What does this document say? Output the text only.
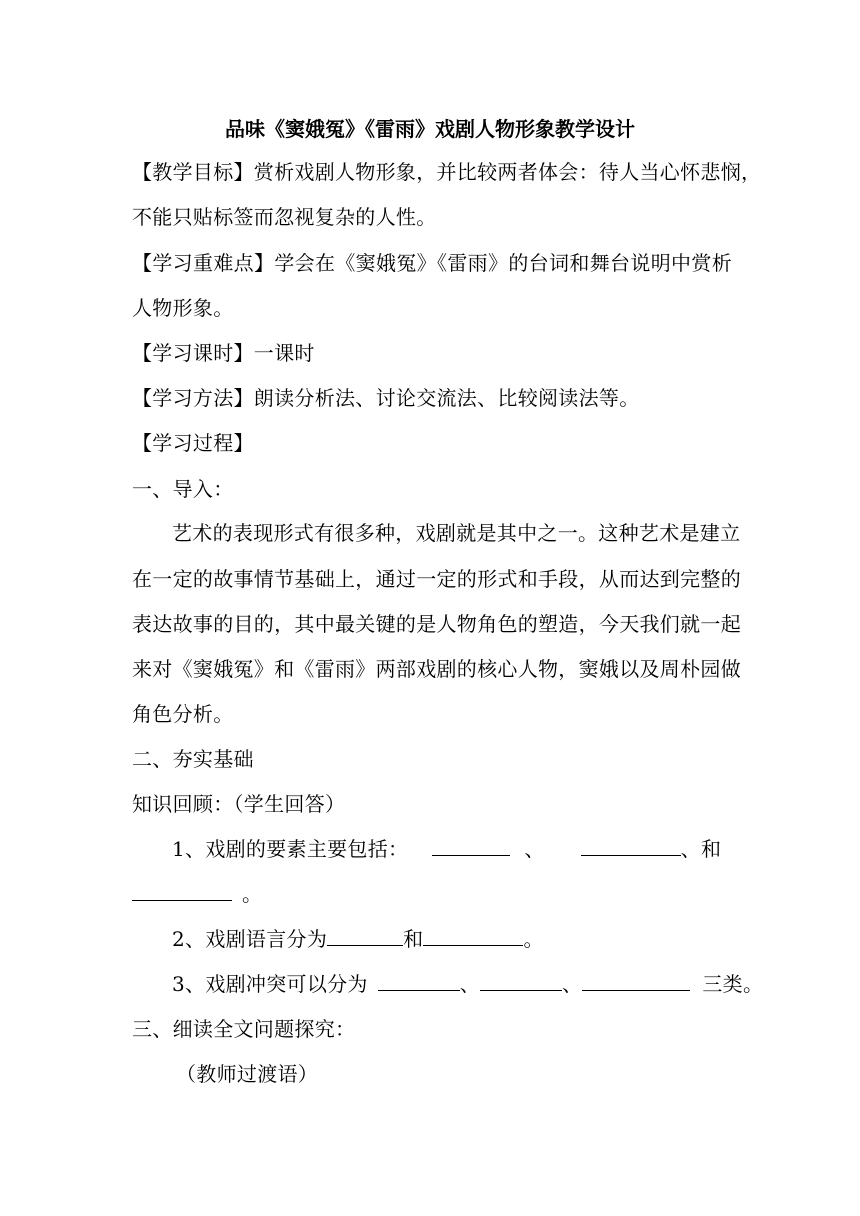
品味《窦娥冤》《雷雨》戏剧人物形象教学设计
【教学目标】赏析戏剧人物形象，并比较两者体会：待人当心怀悲悯，
不能只贴标签而忽视复杂的人性。
【学习重难点】学会在《窦娥冤》《雷雨》的台词和舞台说明中赏析
人物形象。
【学习课时】一课时
【学习方法】朗读分析法、讨论交流法、比较阅读法等。
【学习过程】
一、导入：
艺术的表现形式有很多种，戏剧就是其中之一。这种艺术是建立
在一定的故事情节基础上，通过一定的形式和手段，从而达到完整的
表达故事的目的，其中最关键的是人物角色的塑造，今天我们就一起
来对《窦娥冤》和《雷雨》两部戏剧的核心人物，窦娥以及周朴园做
角色分析。
二、夯实基础
知识回顾：（学生回答）
1、戏剧的要素主要包括：	、	、和
。
2、戏剧语言分为	和	。
3、戏剧冲突可以分为	、	、	三类。
三、细读全文问题探究：
（教师过渡语）
